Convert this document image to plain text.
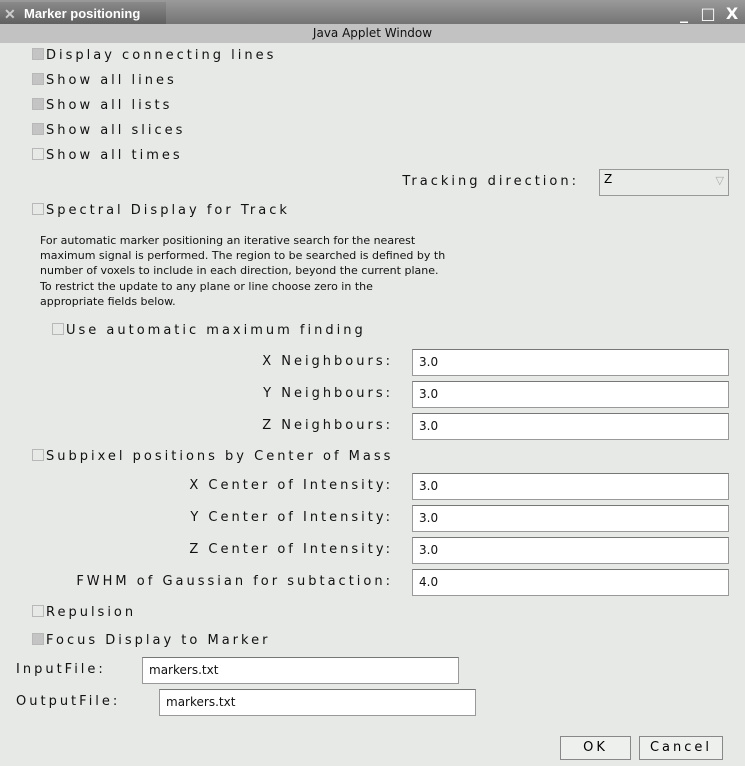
✕ Marker positioning	_ □ X
Java Applet Window
Display connecting lines
Show all lines
Show all lists
Show all slices
Show all times
Tracking direction:	Z	▽
Spectral Display for Track
For automatic marker positioning an iterative search for the nearest
maximum signal is performed. The region to be searched is defined by th
number of voxels to include in each direction, beyond the current plane.
To restrict the update to any plane or line choose zero in the
appropriate fields below.
Use automatic maximum finding
X Neighbours:	3.0
Y Neighbours:	3.0
Z Neighbours:	3.0
Subpixel positions by Center of Mass
X Center of Intensity:	3.0
Y Center of Intensity:	3.0
Z Center of Intensity:	3.0
FWHM of Gaussian for subtaction:	4.0
Repulsion
Focus Display to Marker
InputFile:	markers.txt
OutputFile:	markers.txt
OK	Cancel
